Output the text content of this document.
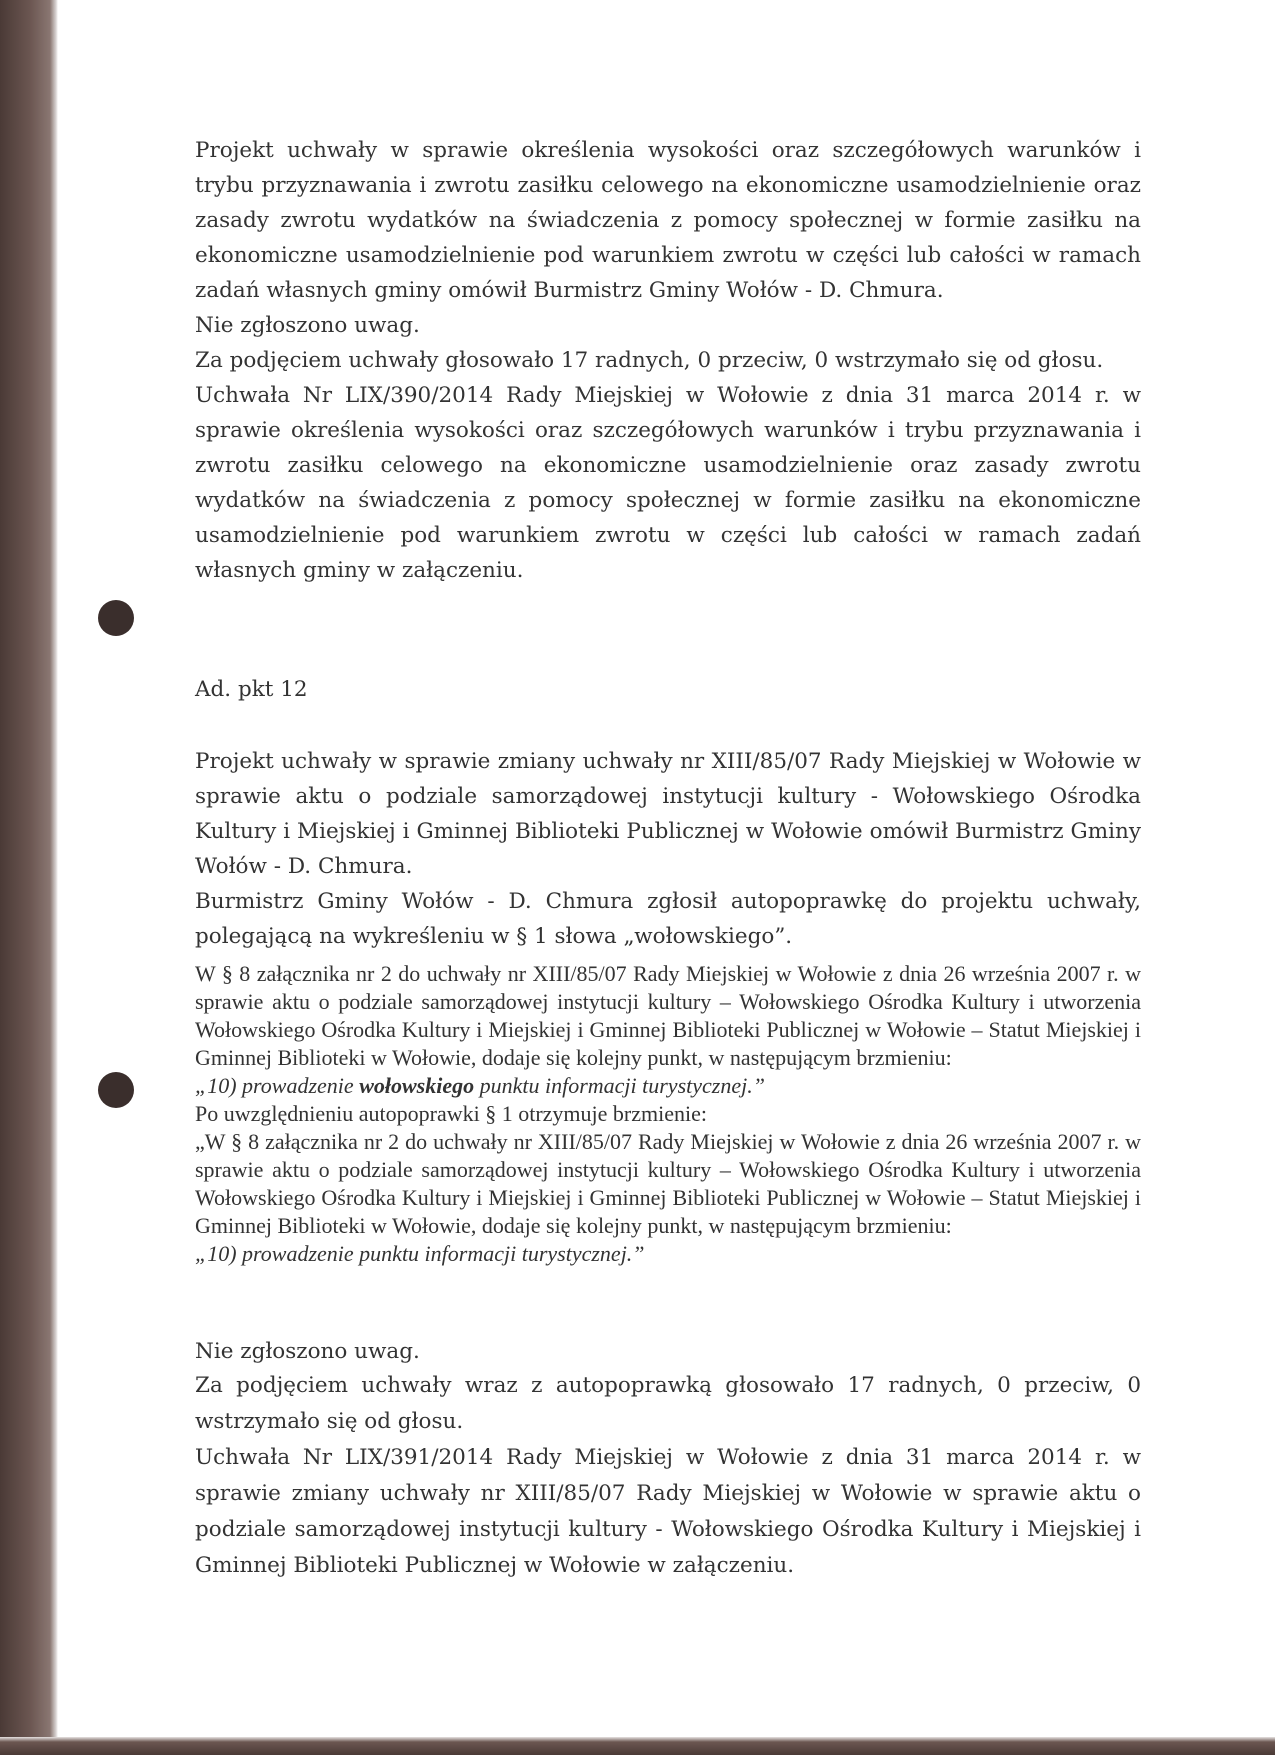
Projekt uchwały w sprawie określenia wysokości oraz szczegółowych warunków i trybu przyznawania i zwrotu zasiłku celowego na ekonomiczne usamodzielnienie oraz zasady zwrotu wydatków na świadczenia z pomocy społecznej w formie zasiłku na ekonomiczne usamodzielnienie pod warunkiem zwrotu w części lub całości w ramach zadań własnych gminy omówił Burmistrz Gminy Wołów - D. Chmura.

Nie zgłoszono uwag.

Za podjęciem uchwały głosowało 17 radnych, 0 przeciw, 0 wstrzymało się od głosu.

Uchwała Nr LIX/390/2014 Rady Miejskiej w Wołowie z dnia 31 marca 2014 r. w sprawie określenia wysokości oraz szczegółowych warunków i trybu przyznawania i zwrotu zasiłku celowego na ekonomiczne usamodzielnienie oraz zasady zwrotu wydatków na świadczenia z pomocy społecznej w formie zasiłku na ekonomiczne usamodzielnienie pod warunkiem zwrotu w części lub całości w ramach zadań własnych gminy w załączeniu.

Ad. pkt 12

Projekt uchwały w sprawie zmiany uchwały nr XIII/85/07 Rady Miejskiej w Wołowie w sprawie aktu o podziale samorządowej instytucji kultury - Wołowskiego Ośrodka Kultury i Miejskiej i Gminnej Biblioteki Publicznej w Wołowie omówił Burmistrz Gminy Wołów - D. Chmura.

Burmistrz Gminy Wołów - D. Chmura zgłosił autopoprawkę do projektu uchwały, polegającą na wykreśleniu w § 1 słowa „wołowskiego”.

W § 8 załącznika nr 2 do uchwały nr XIII/85/07 Rady Miejskiej w Wołowie z dnia 26 września 2007 r. w sprawie aktu o podziale samorządowej instytucji kultury – Wołowskiego Ośrodka Kultury i utworzenia Wołowskiego Ośrodka Kultury i Miejskiej i Gminnej Biblioteki Publicznej w Wołowie – Statut Miejskiej i Gminnej Biblioteki w Wołowie, dodaje się kolejny punkt, w następującym brzmieniu:

„10) prowadzenie wołowskiego punktu informacji turystycznej.”

Po uwzględnieniu autopoprawki § 1 otrzymuje brzmienie:

„W § 8 załącznika nr 2 do uchwały nr XIII/85/07 Rady Miejskiej w Wołowie z dnia 26 września 2007 r. w sprawie aktu o podziale samorządowej instytucji kultury – Wołowskiego Ośrodka Kultury i utworzenia Wołowskiego Ośrodka Kultury i Miejskiej i Gminnej Biblioteki Publicznej w Wołowie – Statut Miejskiej i Gminnej Biblioteki w Wołowie, dodaje się kolejny punkt, w następującym brzmieniu:

„10) prowadzenie punktu informacji turystycznej.”

Nie zgłoszono uwag.

Za podjęciem uchwały wraz z autopoprawką głosowało 17 radnych, 0 przeciw, 0 wstrzymało się od głosu.

Uchwała Nr LIX/391/2014 Rady Miejskiej w Wołowie z dnia 31 marca 2014 r. w sprawie zmiany uchwały nr XIII/85/07 Rady Miejskiej w Wołowie w sprawie aktu o podziale samorządowej instytucji kultury - Wołowskiego Ośrodka Kultury i Miejskiej i Gminnej Biblioteki Publicznej w Wołowie w załączeniu.
